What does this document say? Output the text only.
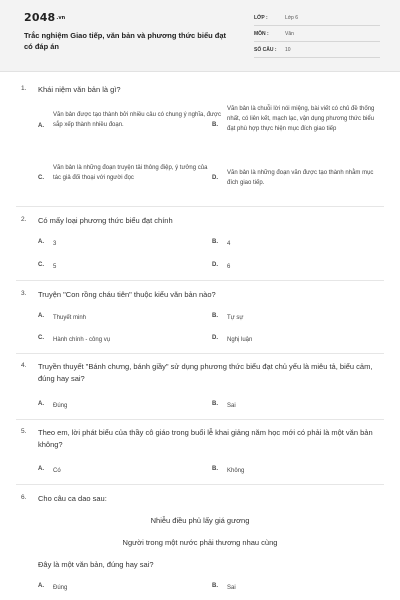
2048.vn
Trắc nghiệm Giao tiếp, văn bản và phương thức biểu đạt có đáp án
LỚP :	Lớp 6
MÔN :	Văn
SỐ CÂU : 10
1. Khái niệm văn bản là gì?
A.
Văn bản được tạo thành bởi nhiều câu có chung ý nghĩa, được sắp xếp thành nhiều đoạn.	B.
Văn bản là chuỗi lời nói miệng, bài viết có chủ đề thống nhất, có liên kết, mạch lạc, vận dụng phương thức biểu đạt phù hợp thực hiện mục đích giao tiếp
C.
Văn bản là những đoạn truyện tải thông điệp, ý tưởng của tác giả đối thoại với người đọc	D.
Văn bản là những đoạn văn được tạo thành nhằm mục đích giao tiếp.
2. Có mấy loại phương thức biểu đạt chính
A. 3	B. 4
C. 5	D. 6
3. Truyện "Con rồng cháu tiên" thuộc kiểu văn bản nào?
A. Thuyết minh	B. Tự sự
C. Hành chính - công vụ	D. Nghị luận
4. Truyền thuyết "Bánh chưng, bánh giầy" sử dụng phương thức biểu đạt chủ yếu là miêu tả, biểu cảm, đúng hay sai?
A. Đúng	B. Sai
5. Theo em, lời phát biểu của thầy cô giáo trong buổi lễ khai giảng năm học mới có phải là một văn bản không?
A. Có	B. Không
6. Cho câu ca dao sau:
Nhiễu điều phủ lấy giá gương
Người trong một nước phải thương nhau cùng
Đây là một văn bản, đúng hay sai?
A. Đúng	B. Sai
